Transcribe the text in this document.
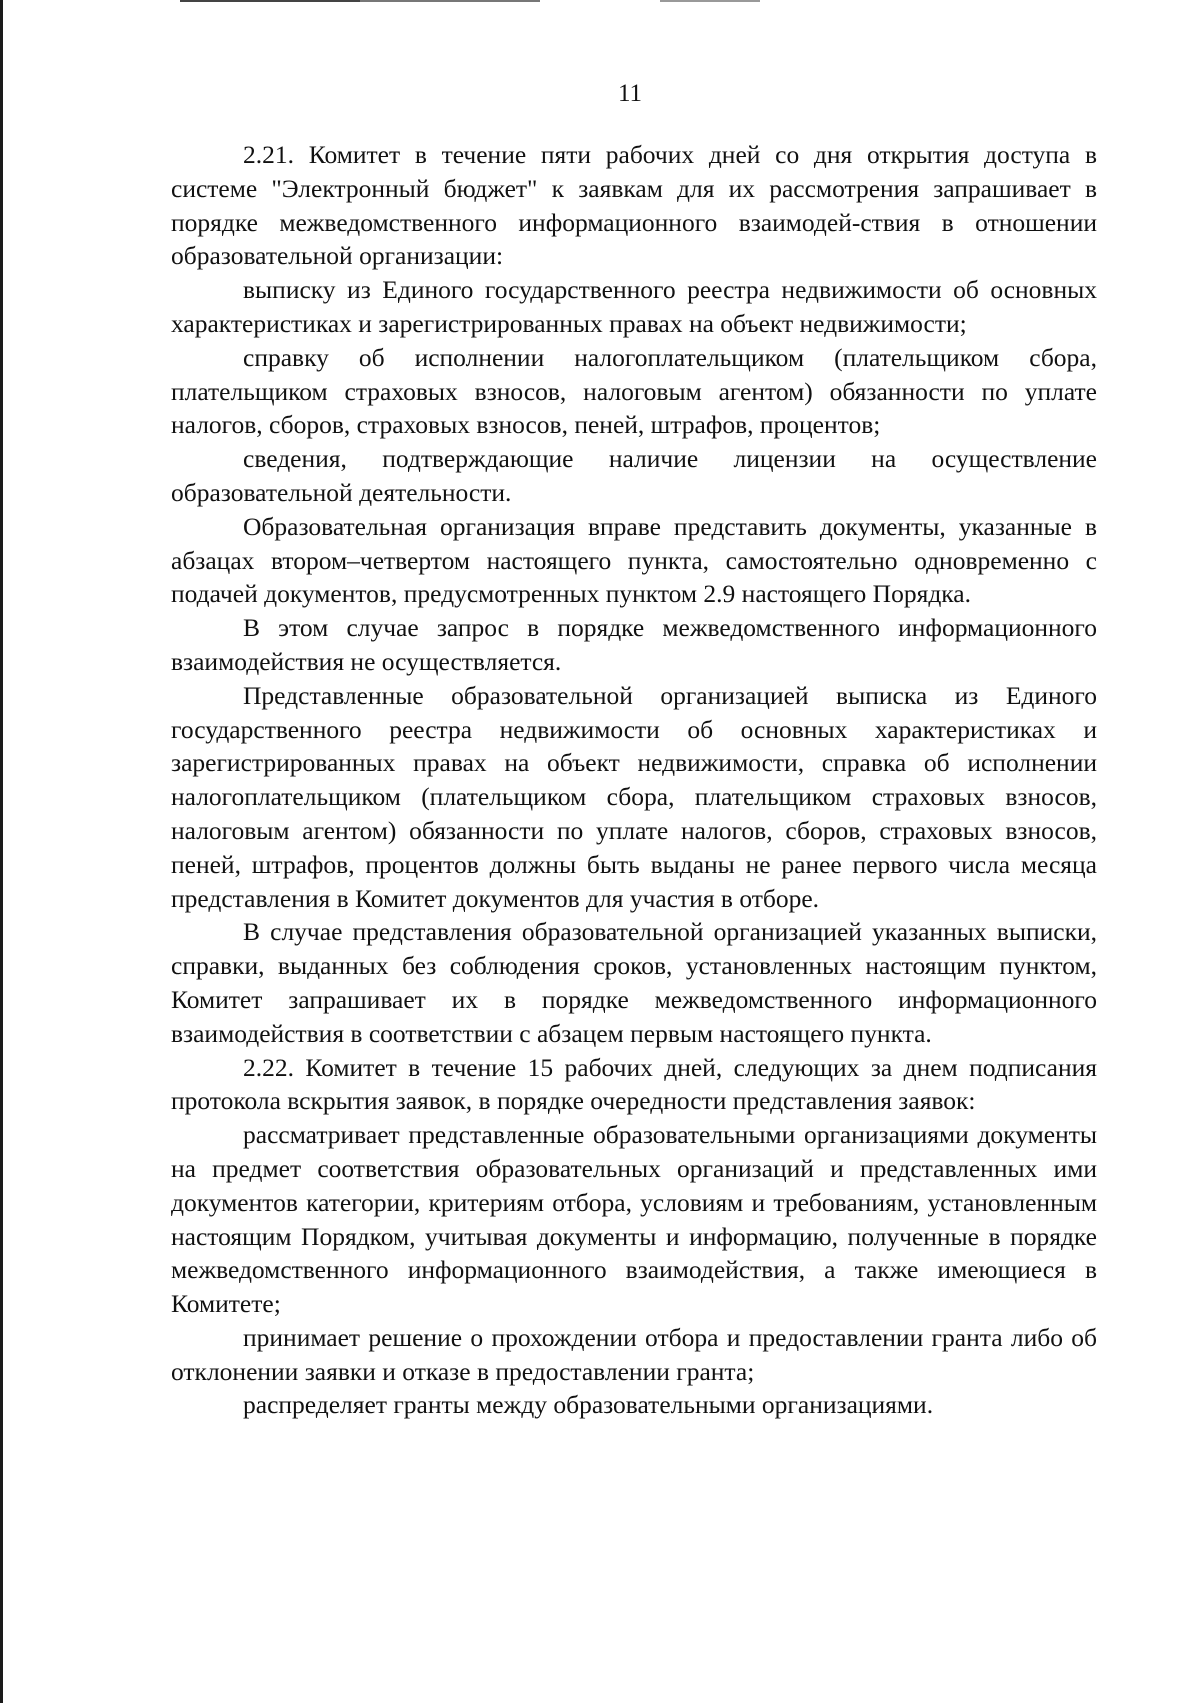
11

2.21. Комитет в течение пяти рабочих дней со дня открытия доступа в системе "Электронный бюджет" к заявкам для их рассмотрения запрашивает в порядке межведомственного информационного взаимодей-ствия в отношении образовательной организации:

выписку из Единого государственного реестра недвижимости об основных характеристиках и зарегистрированных правах на объект недвижимости;

справку об исполнении налогоплательщиком (плательщиком сбора, плательщиком страховых взносов, налоговым агентом) обязанности по уплате налогов, сборов, страховых взносов, пеней, штрафов, процентов;

сведения, подтверждающие наличие лицензии на осуществление образовательной деятельности.

Образовательная организация вправе представить документы, указанные в абзацах втором–четвертом настоящего пункта, самостоятельно одновременно с подачей документов, предусмотренных пунктом 2.9 настоящего Порядка.

В этом случае запрос в порядке межведомственного информационного взаимодействия не осуществляется.

Представленные образовательной организацией выписка из Единого государственного реестра недвижимости об основных характеристиках и зарегистрированных правах на объект недвижимости, справка об исполнении налогоплательщиком (плательщиком сбора, плательщиком страховых взносов, налоговым агентом) обязанности по уплате налогов, сборов, страховых взносов, пеней, штрафов, процентов должны быть выданы не ранее первого числа месяца представления в Комитет документов для участия в отборе.

В случае представления образовательной организацией указанных выписки, справки, выданных без соблюдения сроков, установленных настоящим пунктом, Комитет запрашивает их в порядке межведомственного информационного взаимодействия в соответствии с абзацем первым настоящего пункта.

2.22. Комитет в течение 15 рабочих дней, следующих за днем подписания протокола вскрытия заявок, в порядке очередности представления заявок:

рассматривает представленные образовательными организациями документы на предмет соответствия образовательных организаций и представленных ими документов категории, критериям отбора, условиям и требованиям, установленным настоящим Порядком, учитывая документы и информацию, полученные в порядке межведомственного информационного взаимодействия, а также имеющиеся в Комитете;

принимает решение о прохождении отбора и предоставлении гранта либо об отклонении заявки и отказе в предоставлении гранта;

распределяет гранты между образовательными организациями.
